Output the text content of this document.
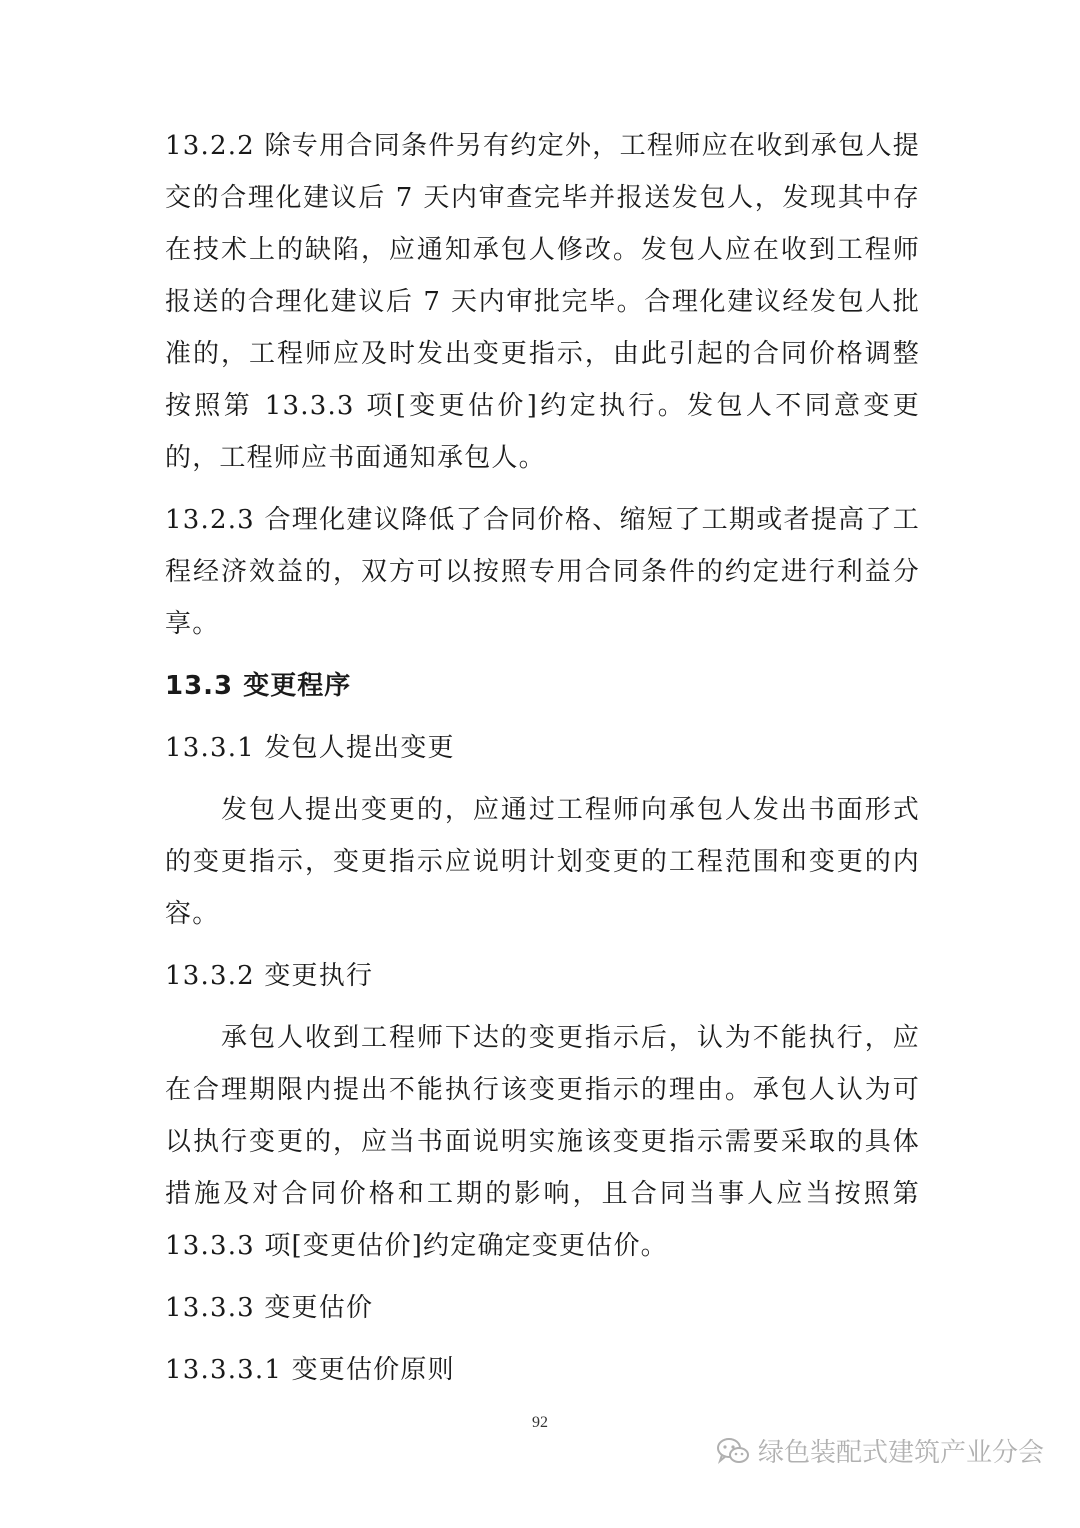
13.2.2 除专用合同条件另有约定外，工程师应在收到承包人提交的合理化建议后 7 天内审查完毕并报送发包人，发现其中存在技术上的缺陷，应通知承包人修改。发包人应在收到工程师报送的合理化建议后 7 天内审批完毕。合理化建议经发包人批准的，工程师应及时发出变更指示，由此引起的合同价格调整按照第 13.3.3 项[变更估价]约定执行。发包人不同意变更的，工程师应书面通知承包人。

13.2.3 合理化建议降低了合同价格、缩短了工期或者提高了工程经济效益的，双方可以按照专用合同条件的约定进行利益分享。

13.3 变更程序

13.3.1 发包人提出变更

发包人提出变更的，应通过工程师向承包人发出书面形式的变更指示，变更指示应说明计划变更的工程范围和变更的内容。

13.3.2 变更执行

承包人收到工程师下达的变更指示后，认为不能执行，应在合理期限内提出不能执行该变更指示的理由。承包人认为可以执行变更的，应当书面说明实施该变更指示需要采取的具体措施及对合同价格和工期的影响，且合同当事人应当按照第 13.3.3 项[变更估价]约定确定变更估价。

13.3.3 变更估价

13.3.3.1 变更估价原则

92
绿色装配式建筑产业分会
